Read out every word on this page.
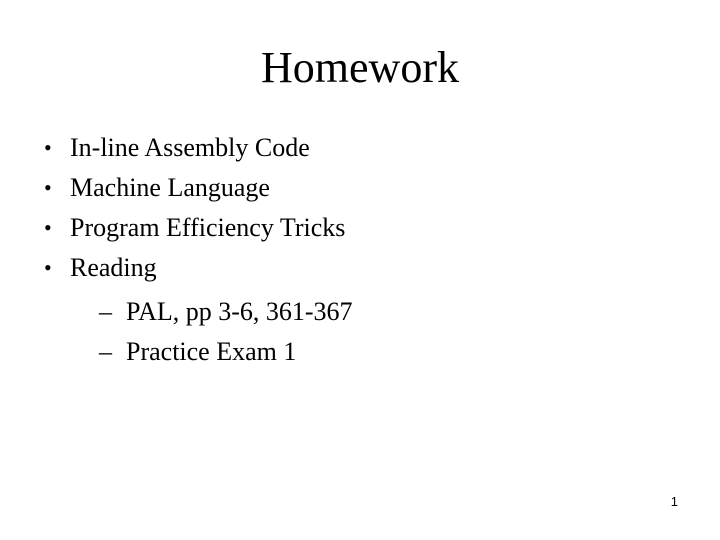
Homework
• In-line Assembly Code
• Machine Language
• Program Efficiency Tricks
• Reading
– PAL, pp 3-6, 361-367
– Practice Exam 1
1
